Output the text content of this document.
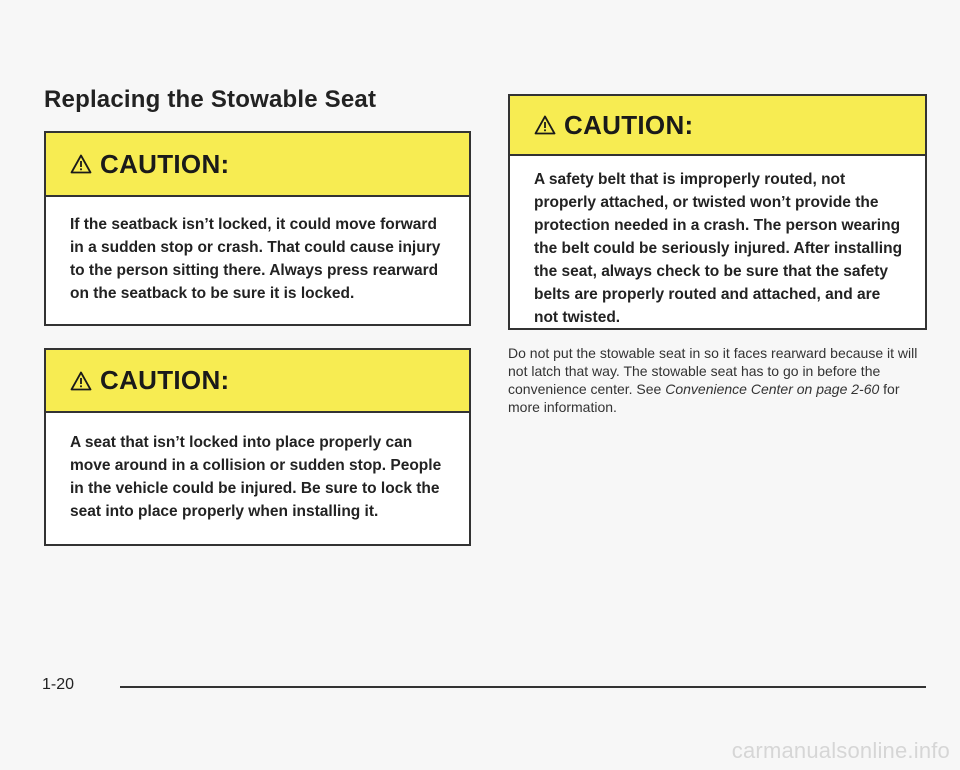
Replacing the Stowable Seat
CAUTION:
If the seatback isn’t locked, it could move forward in a sudden stop or crash. That could cause injury to the person sitting there. Always press rearward on the seatback to be sure it is locked.
CAUTION:
A seat that isn’t locked into place properly can move around in a collision or sudden stop. People in the vehicle could be injured. Be sure to lock the seat into place properly when installing it.
CAUTION:
A safety belt that is improperly routed, not properly attached, or twisted won’t provide the protection needed in a crash. The person wearing the belt could be seriously injured. After installing the seat, always check to be sure that the safety belts are properly routed and attached, and are not twisted.
Do not put the stowable seat in so it faces rearward because it will not latch that way. The stowable seat has to go in before the convenience center. See Convenience Center on page 2-60 for more information.
1-20
carmanualsonline.info
